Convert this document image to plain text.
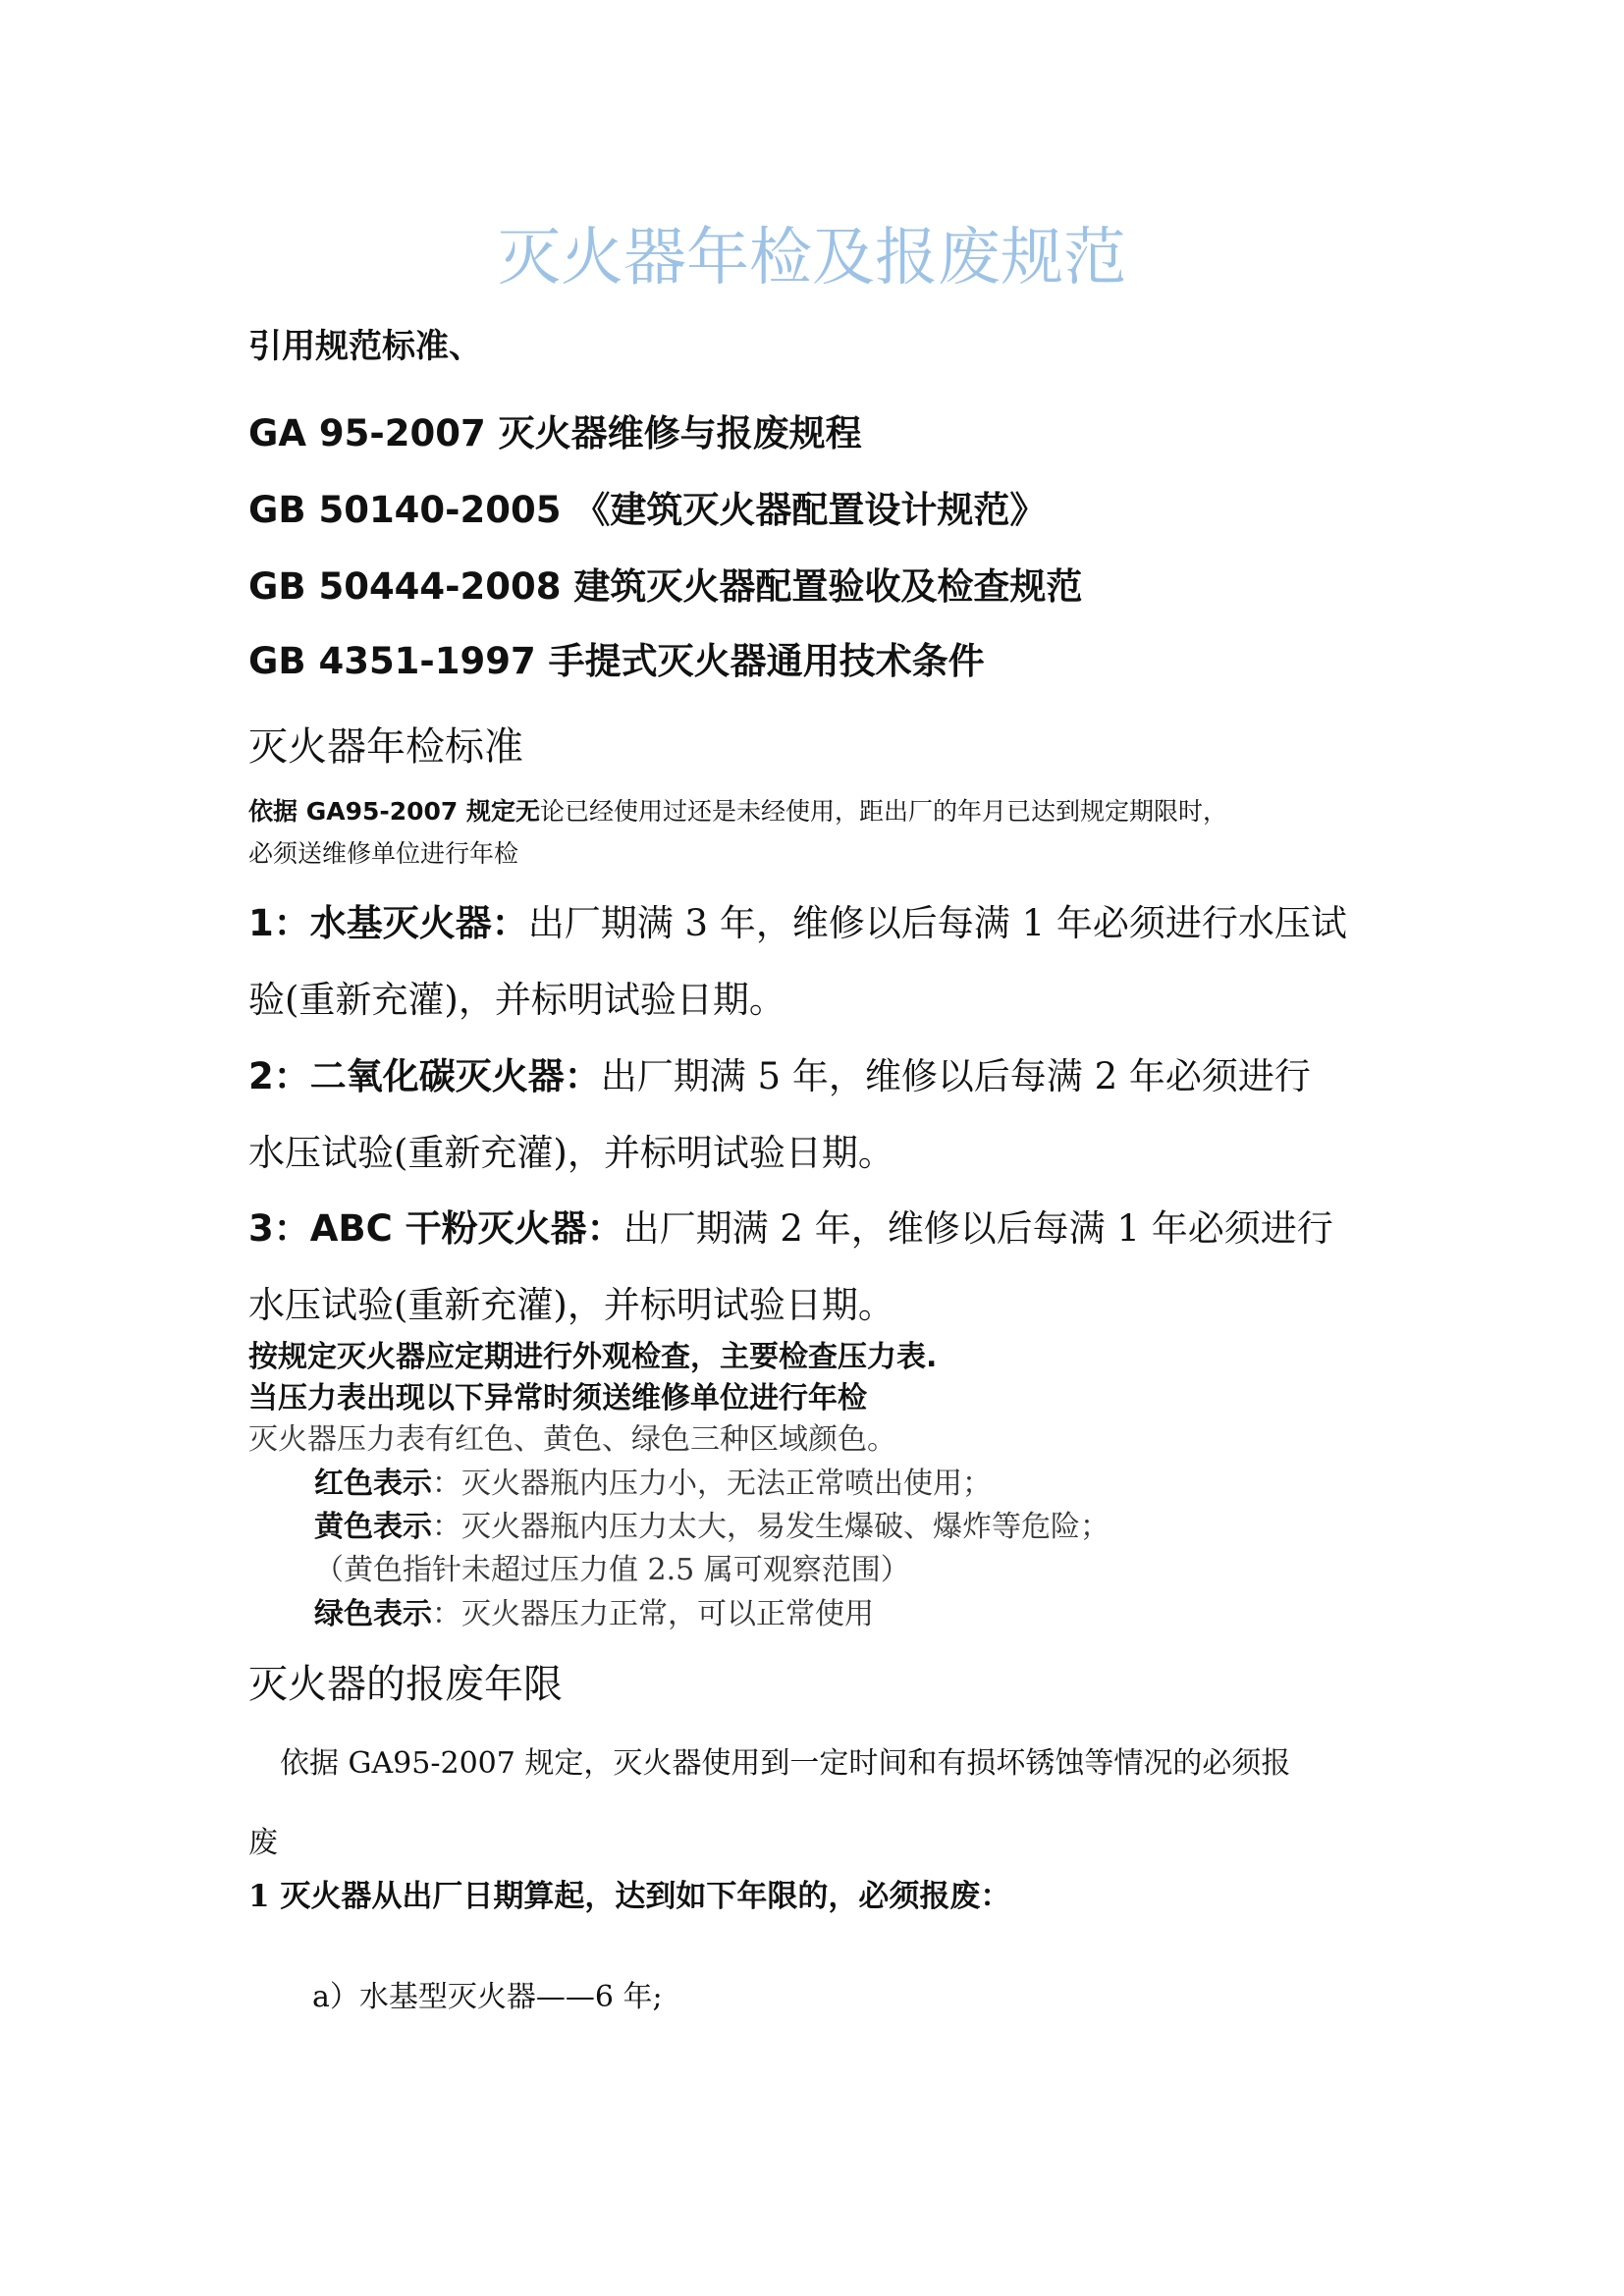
灭火器年检及报废规范
引用规范标准、
GA 95-2007 灭火器维修与报废规程
GB 50140-2005 《建筑灭火器配置设计规范》
GB 50444-2008 建筑灭火器配置验收及检查规范
GB 4351-1997 手提式灭火器通用技术条件
灭火器年检标准
依据 GA95-2007 规定无论已经使用过还是未经使用，距出厂的年月已达到规定期限时，
必须送维修单位进行年检
1：水基灭火器：出厂期满 3 年，维修以后每满 1 年必须进行水压试
验(重新充灌)，并标明试验日期。
2：二氧化碳灭火器：出厂期满 5 年，维修以后每满 2 年必须进行
水压试验(重新充灌)，并标明试验日期。
3：ABC 干粉灭火器：出厂期满 2 年，维修以后每满 1 年必须进行
水压试验(重新充灌)，并标明试验日期。
按规定灭火器应定期进行外观检查，主要检查压力表.
当压力表出现以下异常时须送维修单位进行年检
灭火器压力表有红色、黄色、绿色三种区域颜色。
红色表示：灭火器瓶内压力小，无法正常喷出使用；
黄色表示：灭火器瓶内压力太大，易发生爆破、爆炸等危险；
（黄色指针未超过压力值 2.5 属可观察范围）
绿色表示：灭火器压力正常，可以正常使用
灭火器的报废年限
依据 GA95-2007 规定，灭火器使用到一定时间和有损坏锈蚀等情况的必须报
废
1 灭火器从出厂日期算起，达到如下年限的，必须报废：
a）水基型灭火器——6 年;
